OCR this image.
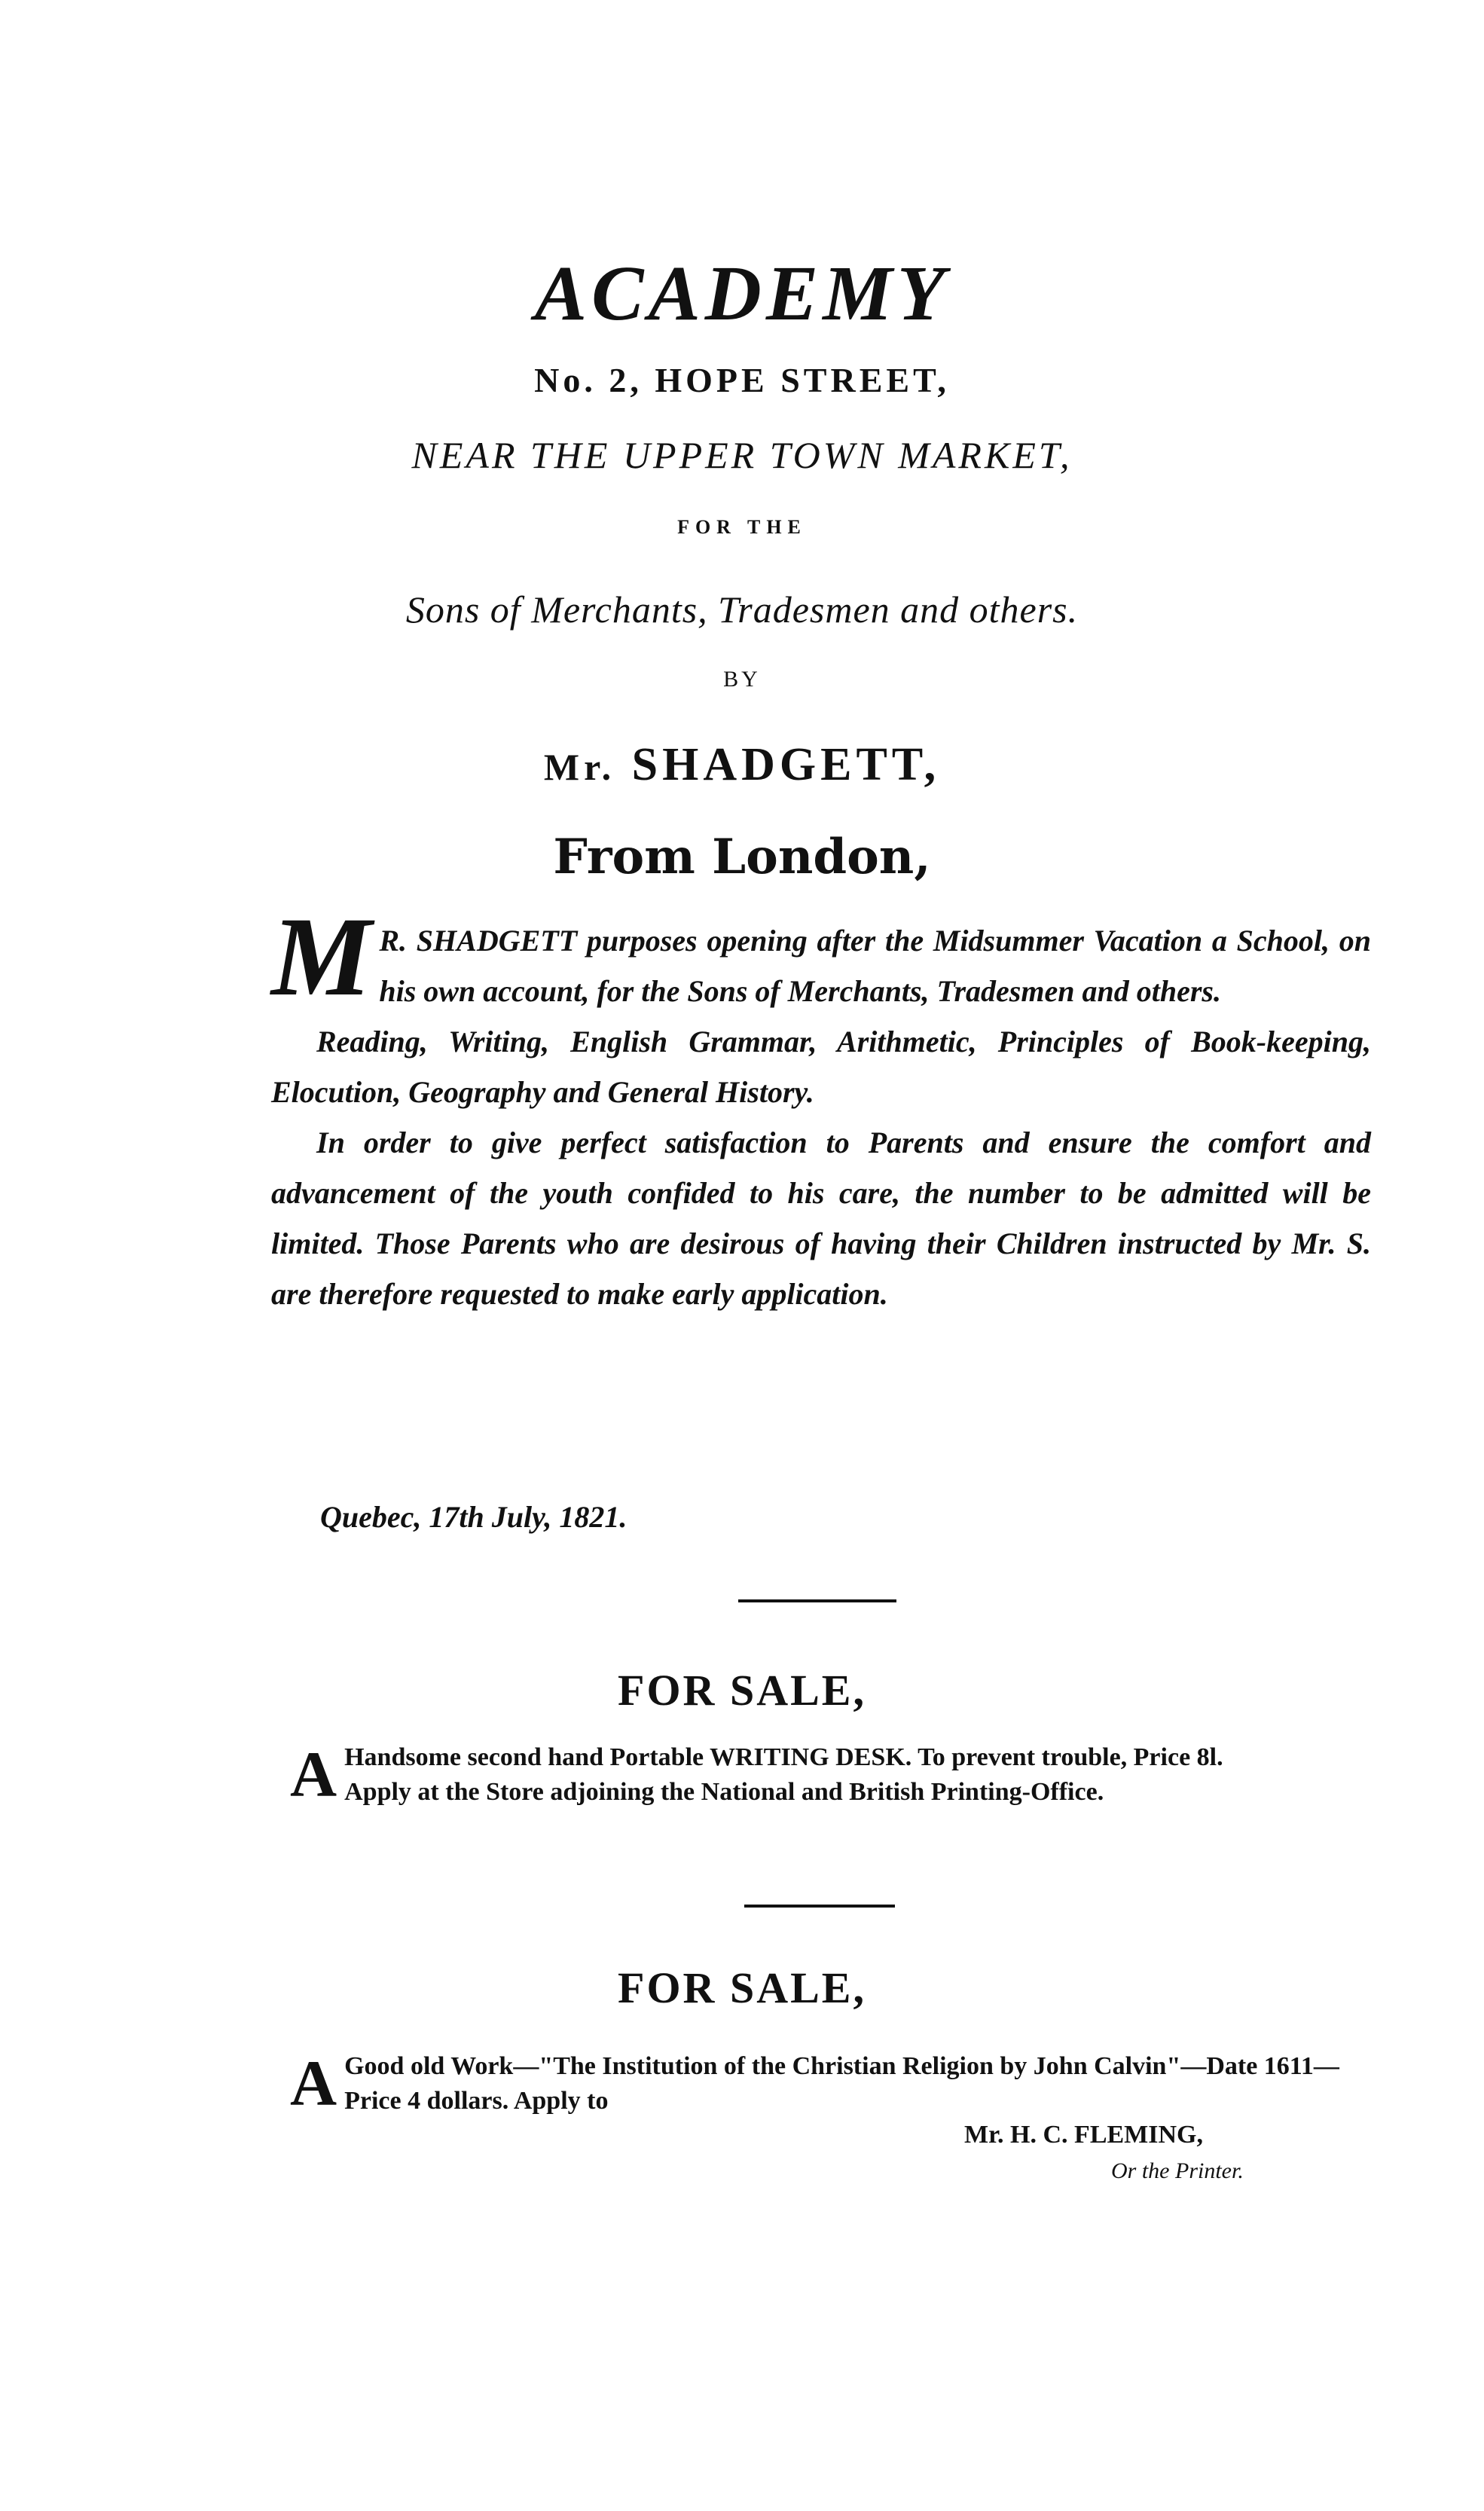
ACADEMY
No. 2, HOPE STREET,
NEAR THE UPPER TOWN MARKET,
FOR THE
Sons of Merchants, Tradesmen and others.
BY
Mr. SHADGETT,
From London,

M R. SHADGETT purposes opening after the Midsummer Vacation a School, on his own account, for the Sons of Merchants, Tradesmen and others.

Reading, Writing, English Grammar, Arithmetic, Principles of Book-keeping, Elocution, Geography and General History.

In order to give perfect satisfaction to Parents and ensure the comfort and advancement of the youth confided to his care, the number to be admitted will be limited. Those Parents who are desirous of having their Children instructed by Mr. S. are therefore requested to make early application.

Quebec, 17th July, 1821.
FOR SALE,
A Handsome second hand Portable WRITING DESK. To prevent trouble, Price 8l.

Apply at the Store adjoining the National and British Printing-Office.

FOR SALE,
A Good old Work—"The Institution of the Christian Religion by John Calvin"—Date 1611—Price 4 dollars. Apply to

Mr. H. C. FLEMING,
Or the Printer.
